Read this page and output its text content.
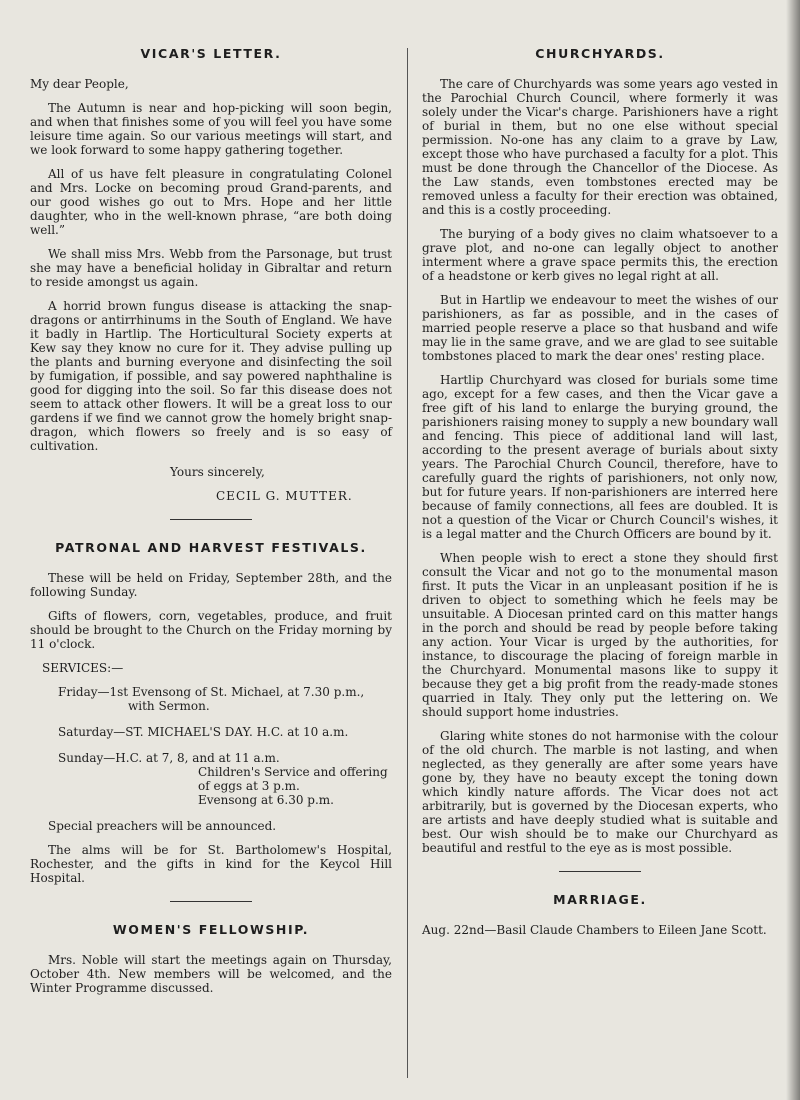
VICAR'S LETTER.

My dear People,

The Autumn is near and hop-picking will soon begin, and when that finishes some of you will feel you have some leisure time again. So our various meetings will start, and we look forward to some happy gathering together.

All of us have felt pleasure in congratulating Colonel and Mrs. Locke on becoming proud Grand-parents, and our good wishes go out to Mrs. Hope and her little daughter, who in the well-known phrase, “are both doing well.”

We shall miss Mrs. Webb from the Parsonage, but trust she may have a beneficial holiday in Gibraltar and return to reside amongst us again.

A horrid brown fungus disease is attacking the snap-dragons or antirrhinums in the South of England. We have it badly in Hartlip. The Horticultural Society experts at Kew say they know no cure for it. They advise pulling up the plants and burning everyone and disinfecting the soil by fumigation, if possible, and say powered naphthaline is good for digging into the soil. So far this disease does not seem to attack other flowers. It will be a great loss to our gardens if we find we cannot grow the homely bright snap-dragon, which flowers so freely and is so easy of cultivation.

Yours sincerely,
CECIL G. MUTTER.
PATRONAL AND HARVEST FESTIVALS.

These will be held on Friday, September 28th, and the following Sunday.

Gifts of flowers, corn, vegetables, produce, and fruit should be brought to the Church on the Friday morning by 11 o'clock.

SERVICES:—

Friday—1st Evensong of St. Michael, at 7.30 p.m., with Sermon.

Saturday—ST. MICHAEL'S DAY. H.C. at 10 a.m.

Sunday—H.C. at 7, 8, and at 11 a.m.
Children's Service and offering of eggs at 3 p.m.
Evensong at 6.30 p.m.

Special preachers will be announced.

The alms will be for St. Bartholomew's Hospital, Rochester, and the gifts in kind for the Keycol Hill Hospital.

WOMEN'S FELLOWSHIP.

Mrs. Noble will start the meetings again on Thursday, October 4th. New members will be welcomed, and the Winter Programme discussed.

CHURCHYARDS.

The care of Churchyards was some years ago vested in the Parochial Church Council, where formerly it was solely under the Vicar's charge. Parishioners have a right of burial in them, but no one else without special permission. No-one has any claim to a grave by Law, except those who have purchased a faculty for a plot. This must be done through the Chancellor of the Diocese. As the Law stands, even tombstones erected may be removed unless a faculty for their erection was obtained, and this is a costly proceeding.

The burying of a body gives no claim whatsoever to a grave plot, and no-one can legally object to another interment where a grave space permits this, the erection of a headstone or kerb gives no legal right at all.

But in Hartlip we endeavour to meet the wishes of our parishioners, as far as possible, and in the cases of married people reserve a place so that husband and wife may lie in the same grave, and we are glad to see suitable tombstones placed to mark the dear ones' resting place.

Hartlip Churchyard was closed for burials some time ago, except for a few cases, and then the Vicar gave a free gift of his land to enlarge the burying ground, the parishioners raising money to supply a new boundary wall and fencing. This piece of additional land will last, according to the present average of burials about sixty years. The Parochial Church Council, therefore, have to carefully guard the rights of parishioners, not only now, but for future years. If non-parishioners are interred here because of family connections, all fees are doubled. It is not a question of the Vicar or Church Council's wishes, it is a legal matter and the Church Officers are bound by it.

When people wish to erect a stone they should first consult the Vicar and not go to the monumental mason first. It puts the Vicar in an unpleasant position if he is driven to object to something which he feels may be unsuitable. A Diocesan printed card on this matter hangs in the porch and should be read by people before taking any action. Your Vicar is urged by the authorities, for instance, to discourage the placing of foreign marble in the Churchyard. Monumental masons like to suppy it because they get a big profit from the ready-made stones quarried in Italy. They only put the lettering on. We should support home industries.

Glaring white stones do not harmonise with the colour of the old church. The marble is not lasting, and when neglected, as they generally are after some years have gone by, they have no beauty except the toning down which kindly nature affords. The Vicar does not act arbitrarily, but is governed by the Diocesan experts, who are artists and have deeply studied what is suitable and best. Our wish should be to make our Churchyard as beautiful and restful to the eye as is most possible.

MARRIAGE.

Aug. 22nd—Basil Claude Chambers to Eileen Jane Scott.
